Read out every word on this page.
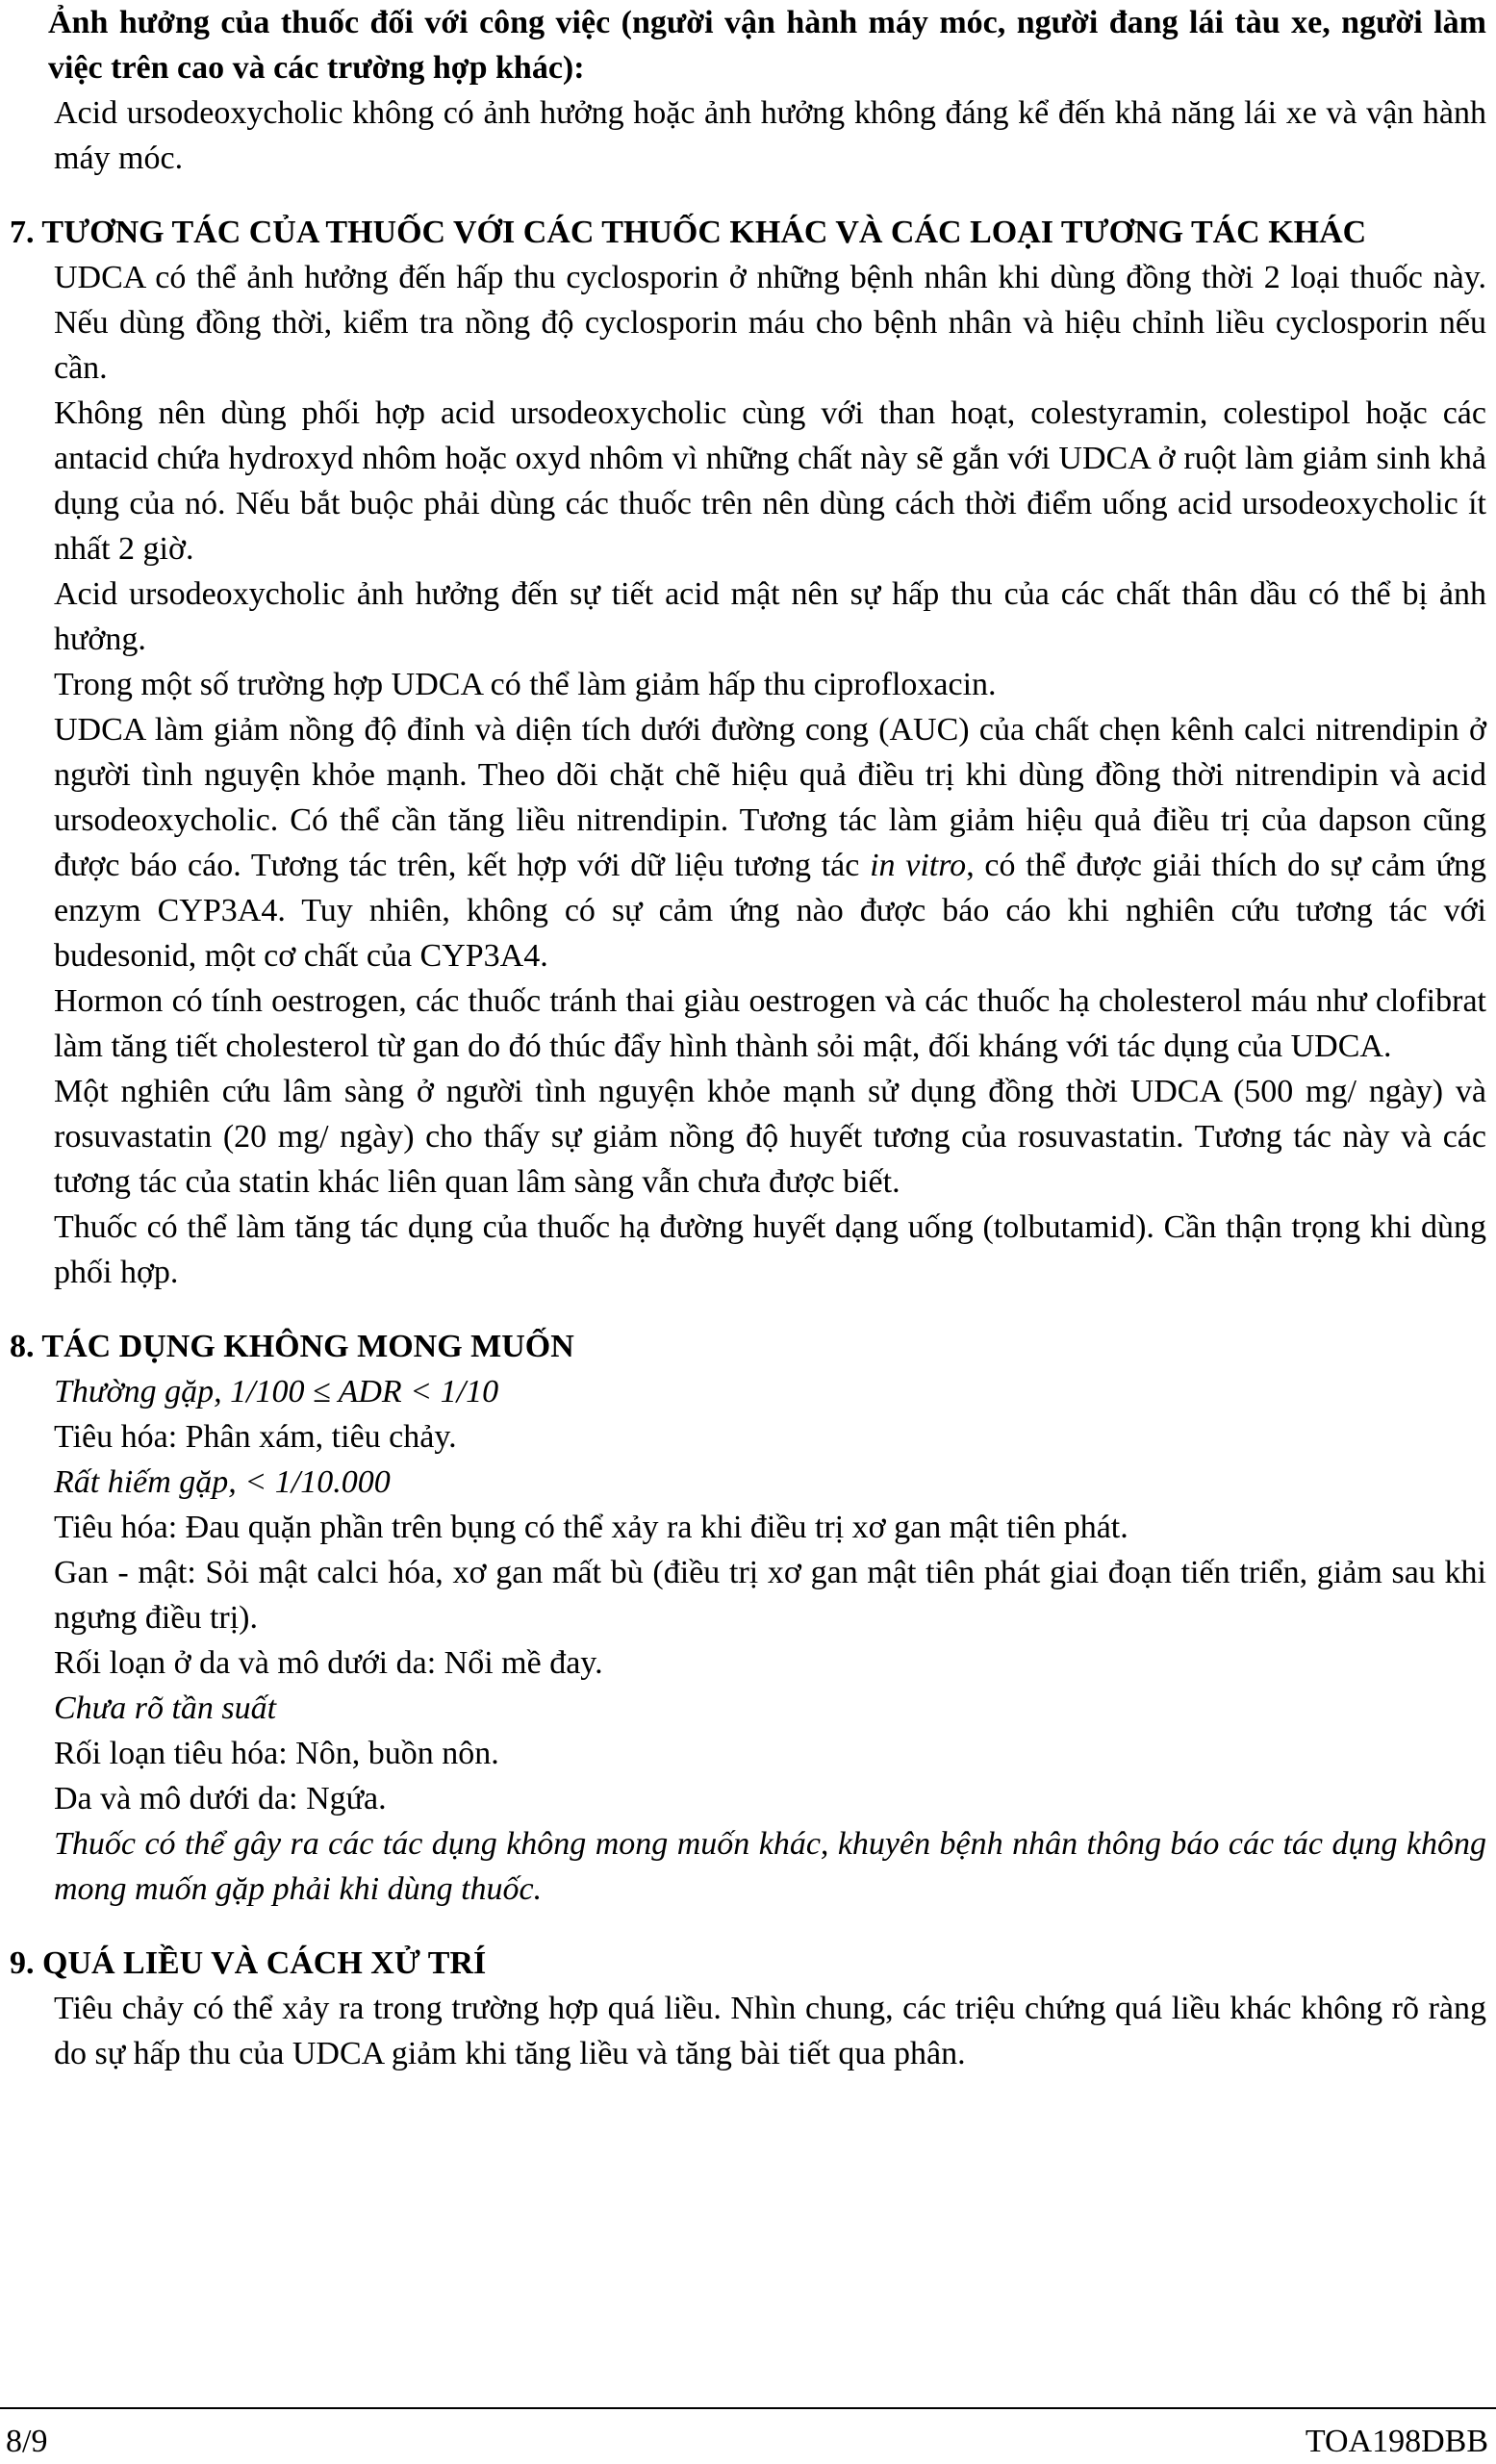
Ảnh hưởng của thuốc đối với công việc (người vận hành máy móc, người đang lái tàu xe, người làm việc trên cao và các trường hợp khác):

Acid ursodeoxycholic không có ảnh hưởng hoặc ảnh hưởng không đáng kể đến khả năng lái xe và vận hành máy móc.

7. TƯƠNG TÁC CỦA THUỐC VỚI CÁC THUỐC KHÁC VÀ CÁC LOẠI TƯƠNG TÁC KHÁC

UDCA có thể ảnh hưởng đến hấp thu cyclosporin ở những bệnh nhân khi dùng đồng thời 2 loại thuốc này. Nếu dùng đồng thời, kiểm tra nồng độ cyclosporin máu cho bệnh nhân và hiệu chỉnh liều cyclosporin nếu cần.

Không nên dùng phối hợp acid ursodeoxycholic cùng với than hoạt, colestyramin, colestipol hoặc các antacid chứa hydroxyd nhôm hoặc oxyd nhôm vì những chất này sẽ gắn với UDCA ở ruột làm giảm sinh khả dụng của nó. Nếu bắt buộc phải dùng các thuốc trên nên dùng cách thời điểm uống acid ursodeoxycholic ít nhất 2 giờ.

Acid ursodeoxycholic ảnh hưởng đến sự tiết acid mật nên sự hấp thu của các chất thân dầu có thể bị ảnh hưởng.

Trong một số trường hợp UDCA có thể làm giảm hấp thu ciprofloxacin.

UDCA làm giảm nồng độ đỉnh và diện tích dưới đường cong (AUC) của chất chẹn kênh calci nitrendipin ở người tình nguyện khỏe mạnh. Theo dõi chặt chẽ hiệu quả điều trị khi dùng đồng thời nitrendipin và acid ursodeoxycholic. Có thể cần tăng liều nitrendipin. Tương tác làm giảm hiệu quả điều trị của dapson cũng được báo cáo. Tương tác trên, kết hợp với dữ liệu tương tác in vitro, có thể được giải thích do sự cảm ứng enzym CYP3A4. Tuy nhiên, không có sự cảm ứng nào được báo cáo khi nghiên cứu tương tác với budesonid, một cơ chất của CYP3A4.

Hormon có tính oestrogen, các thuốc tránh thai giàu oestrogen và các thuốc hạ cholesterol máu như clofibrat làm tăng tiết cholesterol từ gan do đó thúc đẩy hình thành sỏi mật, đối kháng với tác dụng của UDCA.

Một nghiên cứu lâm sàng ở người tình nguyện khỏe mạnh sử dụng đồng thời UDCA (500 mg/ ngày) và rosuvastatin (20 mg/ ngày) cho thấy sự giảm nồng độ huyết tương của rosuvastatin. Tương tác này và các tương tác của statin khác liên quan lâm sàng vẫn chưa được biết.

Thuốc có thể làm tăng tác dụng của thuốc hạ đường huyết dạng uống (tolbutamid). Cần thận trọng khi dùng phối hợp.

8. TÁC DỤNG KHÔNG MONG MUỐN

Thường gặp, 1/100 ≤ ADR < 1/10

Tiêu hóa: Phân xám, tiêu chảy.

Rất hiếm gặp, < 1/10.000

Tiêu hóa: Đau quặn phần trên bụng có thể xảy ra khi điều trị xơ gan mật tiên phát.

Gan - mật: Sỏi mật calci hóa, xơ gan mất bù (điều trị xơ gan mật tiên phát giai đoạn tiến triển, giảm sau khi ngưng điều trị).

Rối loạn ở da và mô dưới da: Nổi mề đay.

Chưa rõ tần suất

Rối loạn tiêu hóa: Nôn, buồn nôn.

Da và mô dưới da: Ngứa.

Thuốc có thể gây ra các tác dụng không mong muốn khác, khuyên bệnh nhân thông báo các tác dụng không mong muốn gặp phải khi dùng thuốc.

9. QUÁ LIỀU VÀ CÁCH XỬ TRÍ

Tiêu chảy có thể xảy ra trong trường hợp quá liều. Nhìn chung, các triệu chứng quá liều khác không rõ ràng do sự hấp thu của UDCA giảm khi tăng liều và tăng bài tiết qua phân.

8/9	TOA198DBB
